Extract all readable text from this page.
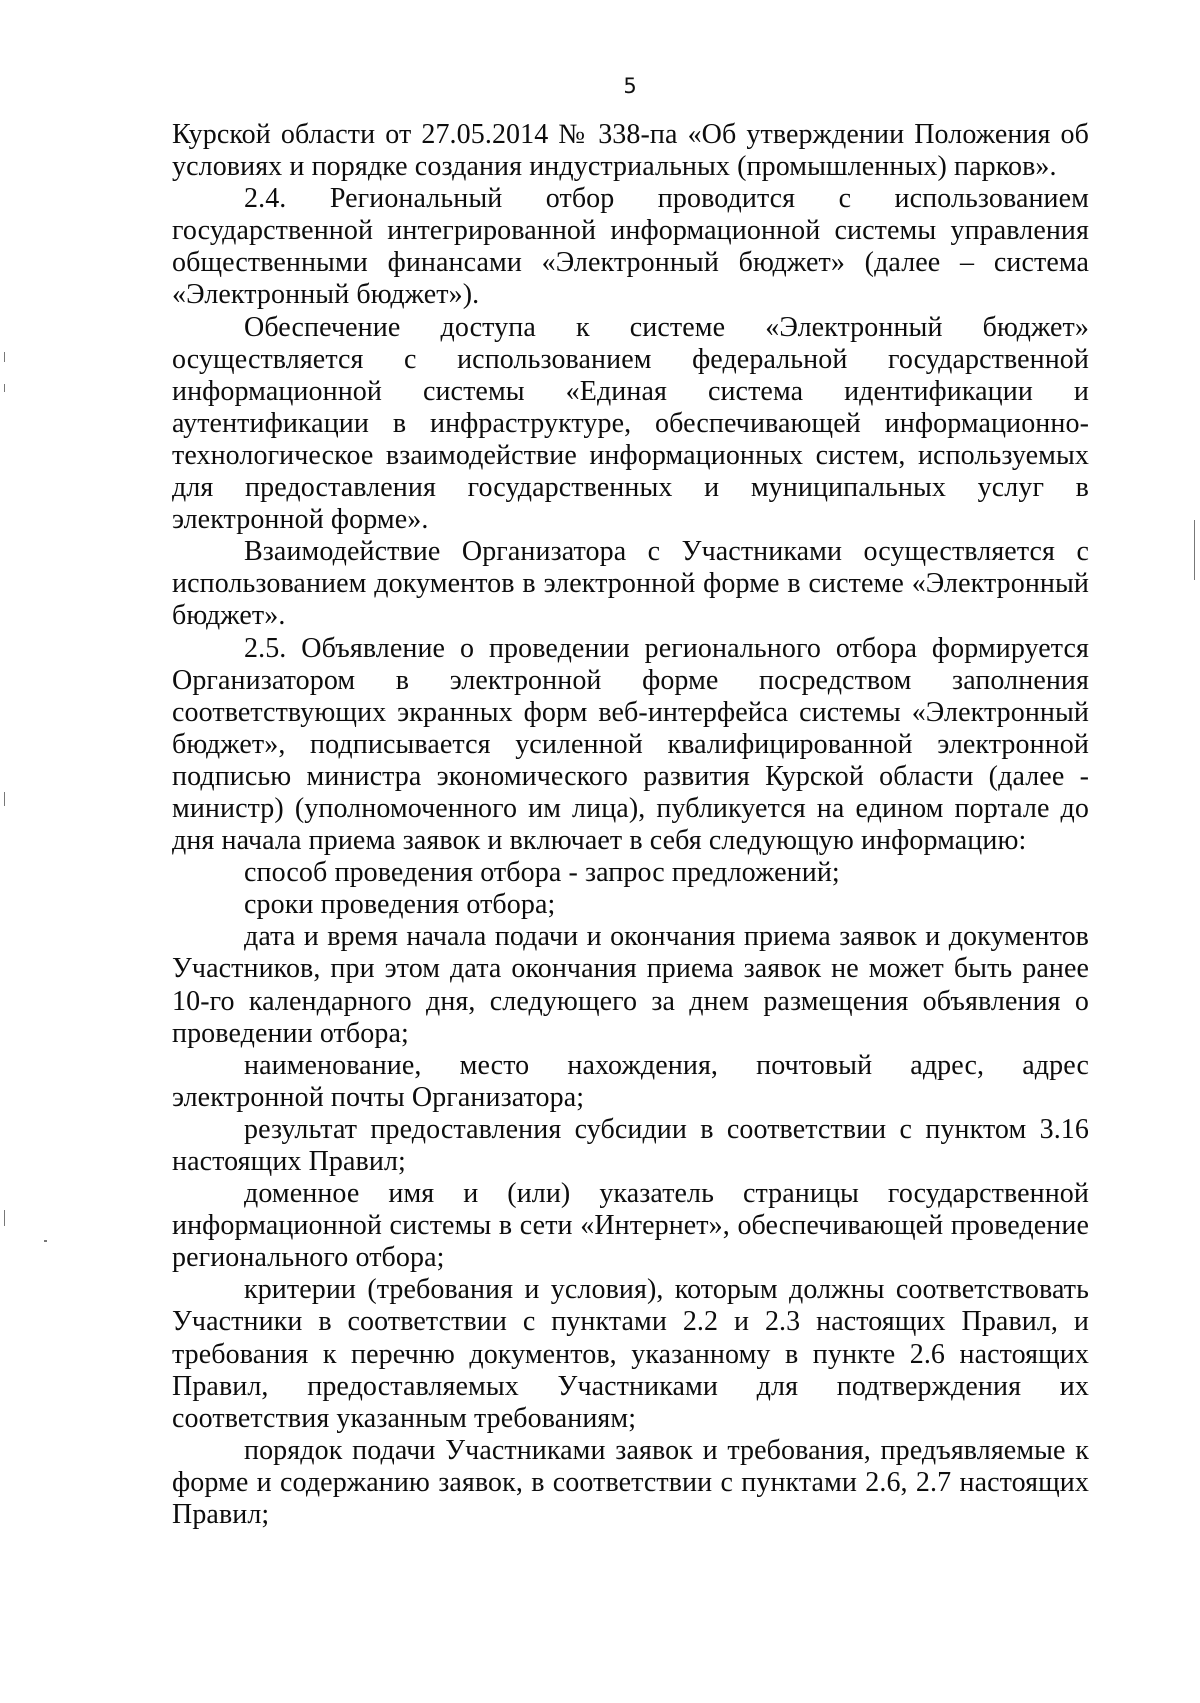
5

Курской области от 27.05.2014 № 338-па «Об утверждении Положения об условиях и порядке создания индустриальных (промышленных) парков».

2.4. Региональный отбор проводится с использованием государственной интегрированной информационной системы управления общественными финансами «Электронный бюджет» (далее – система «Электронный бюджет»).

Обеспечение доступа к системе «Электронный бюджет» осуществляется с использованием федеральной государственной информационной системы «Единая система идентификации и аутентификации в инфраструктуре, обеспечивающей информационно-технологическое взаимодействие информационных систем, используемых для предоставления государственных и муниципальных услуг в электронной форме».

Взаимодействие Организатора с Участниками осуществляется с использованием документов в электронной форме в системе «Электронный бюджет».

2.5. Объявление о проведении регионального отбора формируется Организатором в электронной форме посредством заполнения соответствующих экранных форм веб-интерфейса системы «Электронный бюджет», подписывается усиленной квалифицированной электронной подписью министра экономического развития Курской области (далее - министр) (уполномоченного им лица), публикуется на едином портале до дня начала приема заявок и включает в себя следующую информацию:

способ проведения отбора - запрос предложений;

сроки проведения отбора;

дата и время начала подачи и окончания приема заявок и документов Участников, при этом дата окончания приема заявок не может быть ранее 10-го календарного дня, следующего за днем размещения объявления о проведении отбора;

наименование, место нахождения, почтовый адрес, адрес электронной почты Организатора;

результат предоставления субсидии в соответствии с пунктом 3.16 настоящих Правил;

доменное имя и (или) указатель страницы государственной информационной системы в сети «Интернет», обеспечивающей проведение регионального отбора;

критерии (требования и условия), которым должны соответствовать Участники в соответствии с пунктами 2.2 и 2.3 настоящих Правил, и требования к перечню документов, указанному в пункте 2.6 настоящих Правил, предоставляемых Участниками для подтверждения их соответствия указанным требованиям;

порядок подачи Участниками заявок и требования, предъявляемые к форме и содержанию заявок, в соответствии с пунктами 2.6, 2.7 настоящих Правил;
